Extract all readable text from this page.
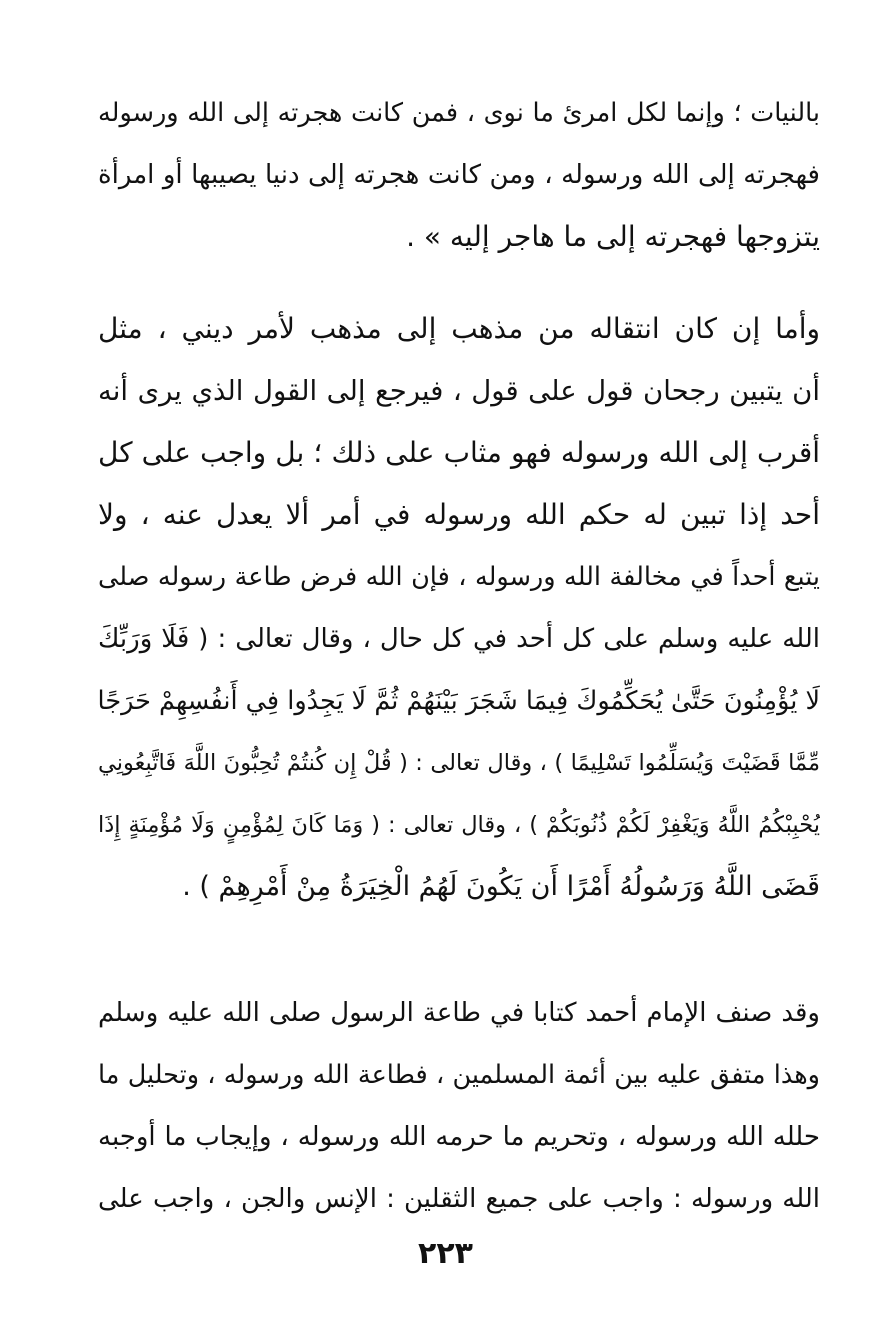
بالنيات ؛ وإنما لكل امرئ ما نوى ، فمن كانت هجرته إلى الله ورسوله
فهجرته إلى الله ورسوله ، ومن كانت هجرته إلى دنيا يصيبها أو امرأة
يتزوجها فهجرته إلى ما هاجر إليه » .
وأما إن كان انتقاله من مذهب إلى مذهب لأمر ديني ، مثل
أن يتبين رجحان قول على قول ، فيرجع إلى القول الذي يرى أنه
أقرب إلى الله ورسوله فهو مثاب على ذلك ؛ بل واجب على كل
أحد إذا تبين له حكم الله ورسوله في أمر ألا يعدل عنه ، ولا
يتبع أحداً في مخالفة الله ورسوله ، فإن الله فرض طاعة رسوله صلى
الله عليه وسلم على كل أحد في كل حال ، وقال تعالى : ( فَلَا وَرَبِّكَ
لَا يُؤْمِنُونَ حَتَّىٰ يُحَكِّمُوكَ فِيمَا شَجَرَ بَيْنَهُمْ ثُمَّ لَا يَجِدُوا فِي أَنفُسِهِمْ حَرَجًا
مِّمَّا قَضَيْتَ وَيُسَلِّمُوا تَسْلِيمًا ) ، وقال تعالى : ( قُلْ إِن كُنتُمْ تُحِبُّونَ اللَّهَ فَاتَّبِعُونِي
يُحْبِبْكُمُ اللَّهُ وَيَغْفِرْ لَكُمْ ذُنُوبَكُمْ ) ، وقال تعالى : ( وَمَا كَانَ لِمُؤْمِنٍ وَلَا مُؤْمِنَةٍ إِذَا
قَضَى اللَّهُ وَرَسُولُهُ أَمْرًا أَن يَكُونَ لَهُمُ الْخِيَرَةُ مِنْ أَمْرِهِمْ ) .
وقد صنف الإمام أحمد كتابا في طاعة الرسول صلى الله عليه وسلم
وهذا متفق عليه بين أئمة المسلمين ، فطاعة الله ورسوله ، وتحليل ما
حلله الله ورسوله ، وتحريم ما حرمه الله ورسوله ، وإيجاب ما أوجبه
الله ورسوله : واجب على جميع الثقلين : الإنس والجن ، واجب على
٢٢٣
